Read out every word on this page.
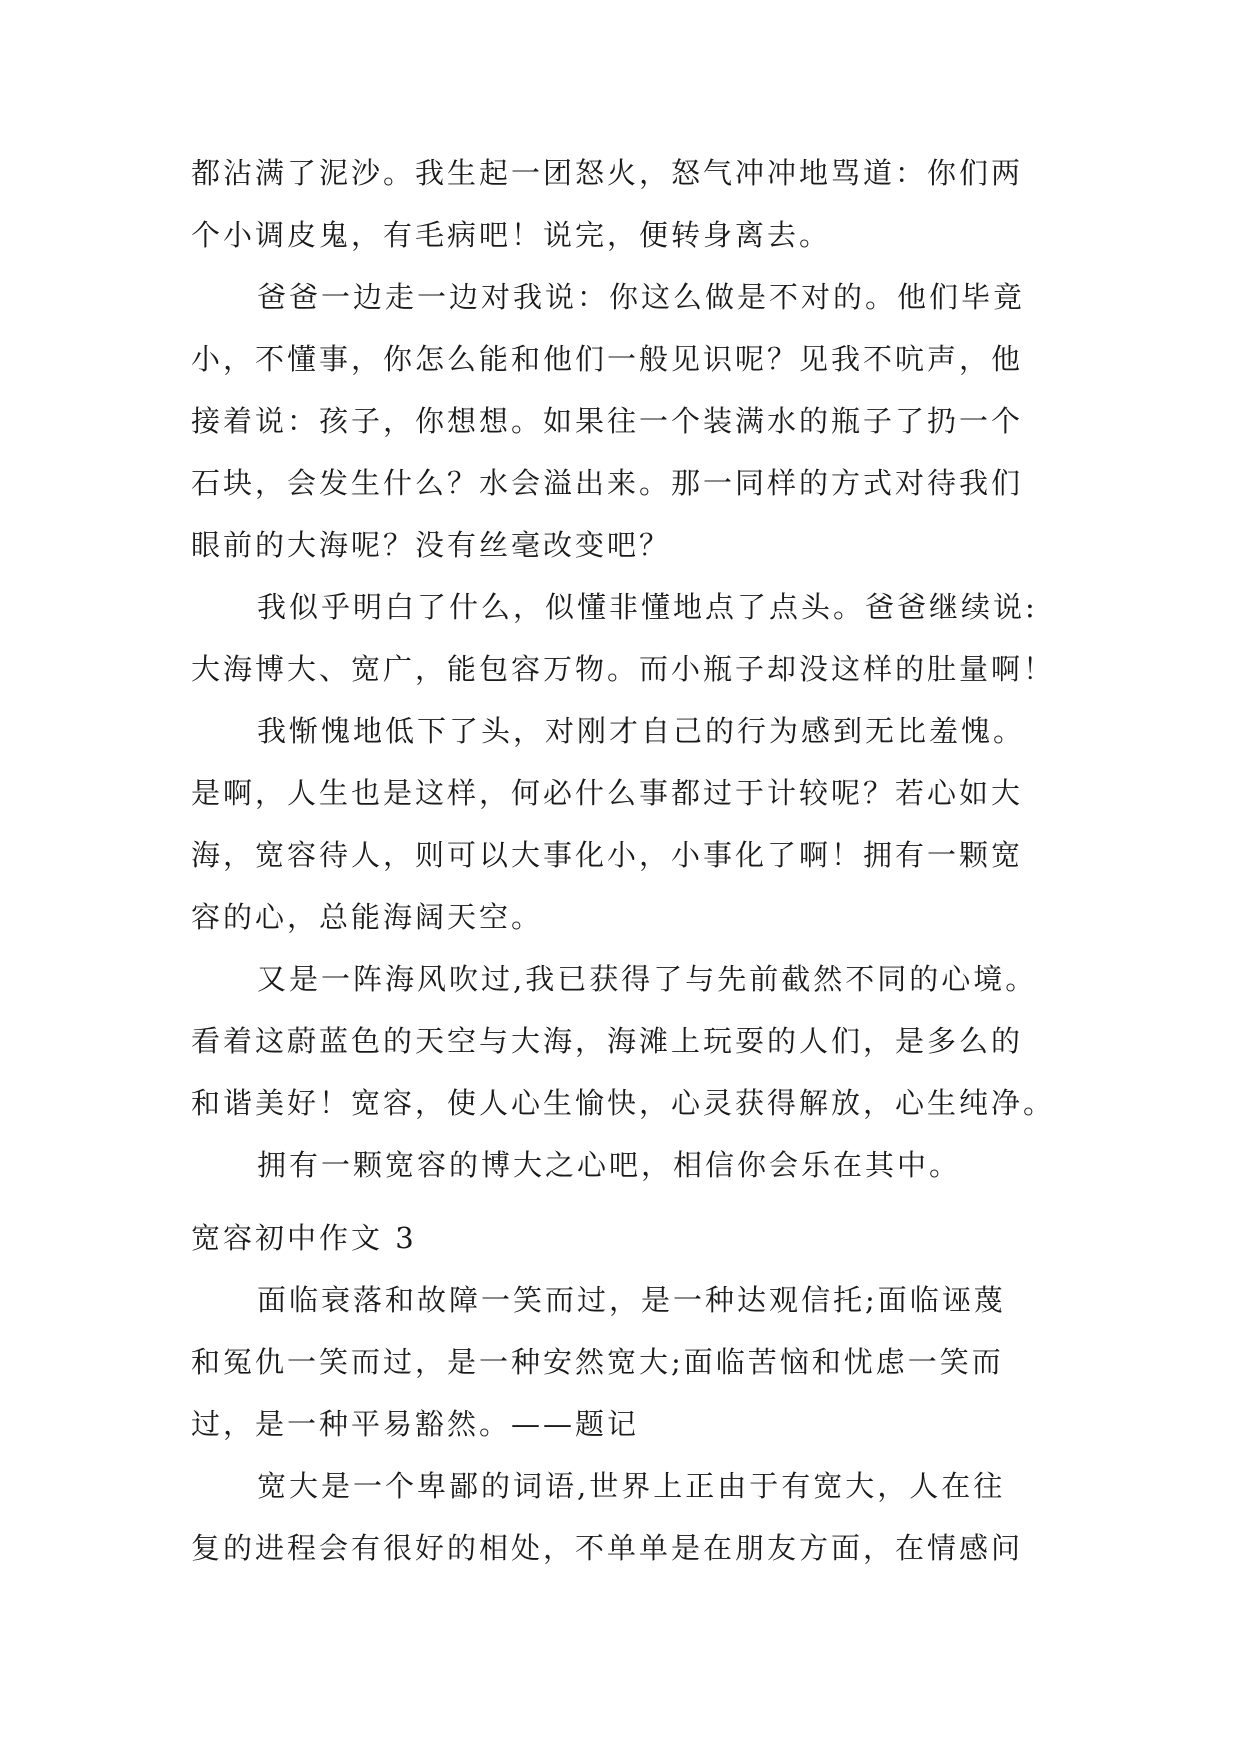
都沾满了泥沙。我生起一团怒火，怒气冲冲地骂道：你们两
个小调皮鬼，有毛病吧！说完，便转身离去。
爸爸一边走一边对我说：你这么做是不对的。他们毕竟
小，不懂事，你怎么能和他们一般见识呢？见我不吭声，他
接着说：孩子，你想想。如果往一个装满水的瓶子了扔一个
石块，会发生什么？水会溢出来。那一同样的方式对待我们
眼前的大海呢？没有丝毫改变吧？
我似乎明白了什么，似懂非懂地点了点头。爸爸继续说:
大海博大、宽广，能包容万物。而小瓶子却没这样的肚量啊！
我惭愧地低下了头，对刚才自己的行为感到无比羞愧。
是啊，人生也是这样，何必什么事都过于计较呢？若心如大
海，宽容待人，则可以大事化小，小事化了啊！拥有一颗宽
容的心，总能海阔天空。
又是一阵海风吹过,我已获得了与先前截然不同的心境。
看着这蔚蓝色的天空与大海，海滩上玩耍的人们，是多么的
和谐美好！宽容，使人心生愉快，心灵获得解放，心生纯净。
拥有一颗宽容的博大之心吧，相信你会乐在其中。
宽容初中作文 3
面临衰落和故障一笑而过，是一种达观信托;面临诬蔑
和冤仇一笑而过，是一种安然宽大;面临苦恼和忧虑一笑而
过，是一种平易豁然。——题记
宽大是一个卑鄙的词语,世界上正由于有宽大，人在往
复的进程会有很好的相处，不单单是在朋友方面，在情感问
